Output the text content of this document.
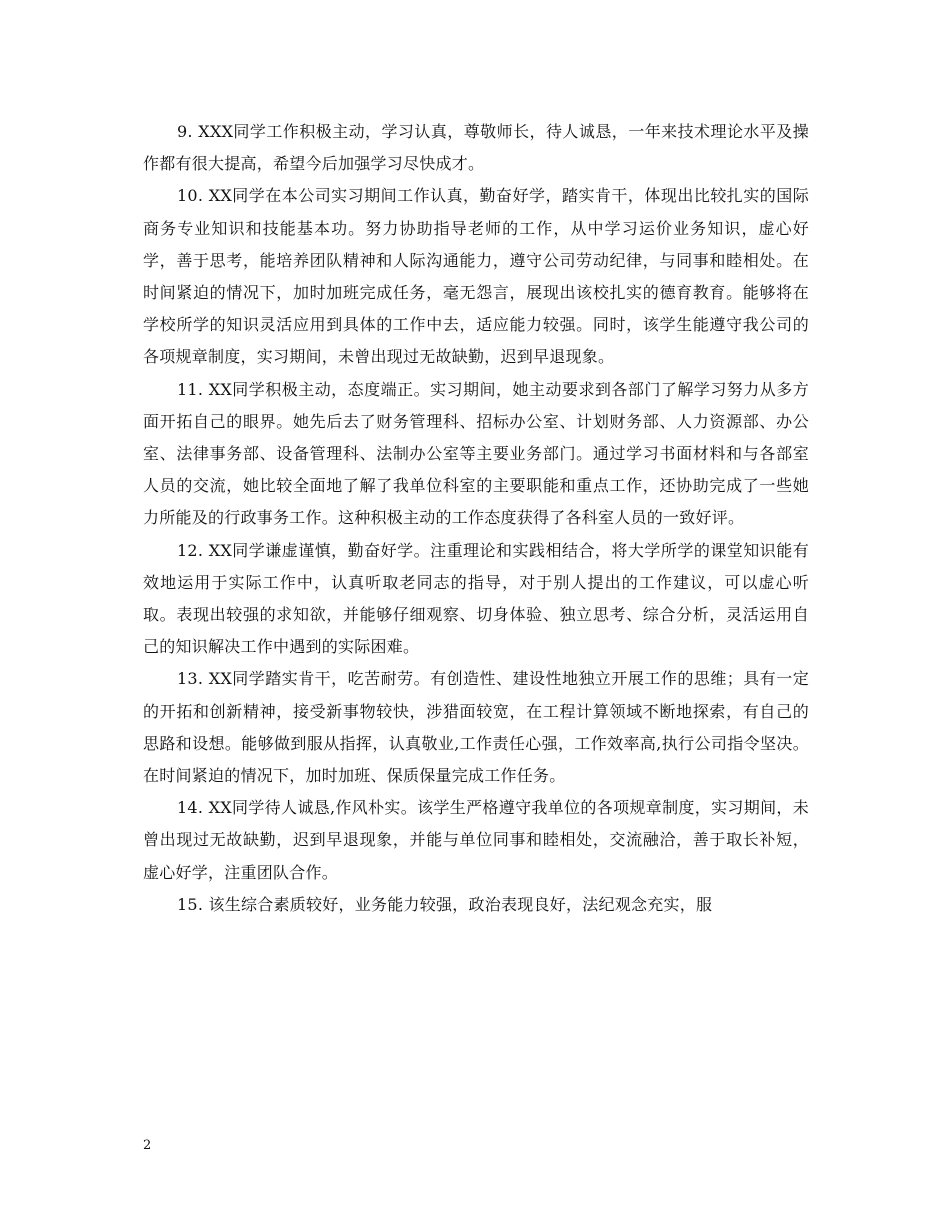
9. XXX同学工作积极主动，学习认真，尊敬师长，待人诚恳，一年来技术理论水平及操作都有很大提高，希望今后加强学习尽快成才。

10. XX同学在本公司实习期间工作认真，勤奋好学，踏实肯干，体现出比较扎实的国际商务专业知识和技能基本功。努力协助指导老师的工作，从中学习运价业务知识，虚心好学，善于思考，能培养团队精神和人际沟通能力，遵守公司劳动纪律，与同事和睦相处。在时间紧迫的情况下，加时加班完成任务，毫无怨言，展现出该校扎实的德育教育。能够将在学校所学的知识灵活应用到具体的工作中去，适应能力较强。同时，该学生能遵守我公司的各项规章制度，实习期间，未曾出现过无故缺勤，迟到早退现象。

11. XX同学积极主动，态度端正。实习期间，她主动要求到各部门了解学习努力从多方面开拓自己的眼界。她先后去了财务管理科、招标办公室、计划财务部、人力资源部、办公室、法律事务部、设备管理科、法制办公室等主要业务部门。通过学习书面材料和与各部室人员的交流，她比较全面地了解了我单位科室的主要职能和重点工作，还协助完成了一些她力所能及的行政事务工作。这种积极主动的工作态度获得了各科室人员的一致好评。

12. XX同学谦虚谨慎，勤奋好学。注重理论和实践相结合，将大学所学的课堂知识能有效地运用于实际工作中，认真听取老同志的指导，对于别人提出的工作建议，可以虚心听取。表现出较强的求知欲，并能够仔细观察、切身体验、独立思考、综合分析，灵活运用自己的知识解决工作中遇到的实际困难。

13. XX同学踏实肯干，吃苦耐劳。有创造性、建设性地独立开展工作的思维；具有一定的开拓和创新精神，接受新事物较快，涉猎面较宽，在工程计算领域不断地探索，有自己的思路和设想。能够做到服从指挥，认真敬业,工作责任心强，工作效率高,执行公司指令坚决。在时间紧迫的情况下，加时加班、保质保量完成工作任务。

14. XX同学待人诚恳,作风朴实。该学生严格遵守我单位的各项规章制度，实习期间，未曾出现过无故缺勤，迟到早退现象，并能与单位同事和睦相处，交流融洽，善于取长补短，虚心好学，注重团队合作。

15. 该生综合素质较好，业务能力较强，政治表现良好，法纪观念充实，服

2
